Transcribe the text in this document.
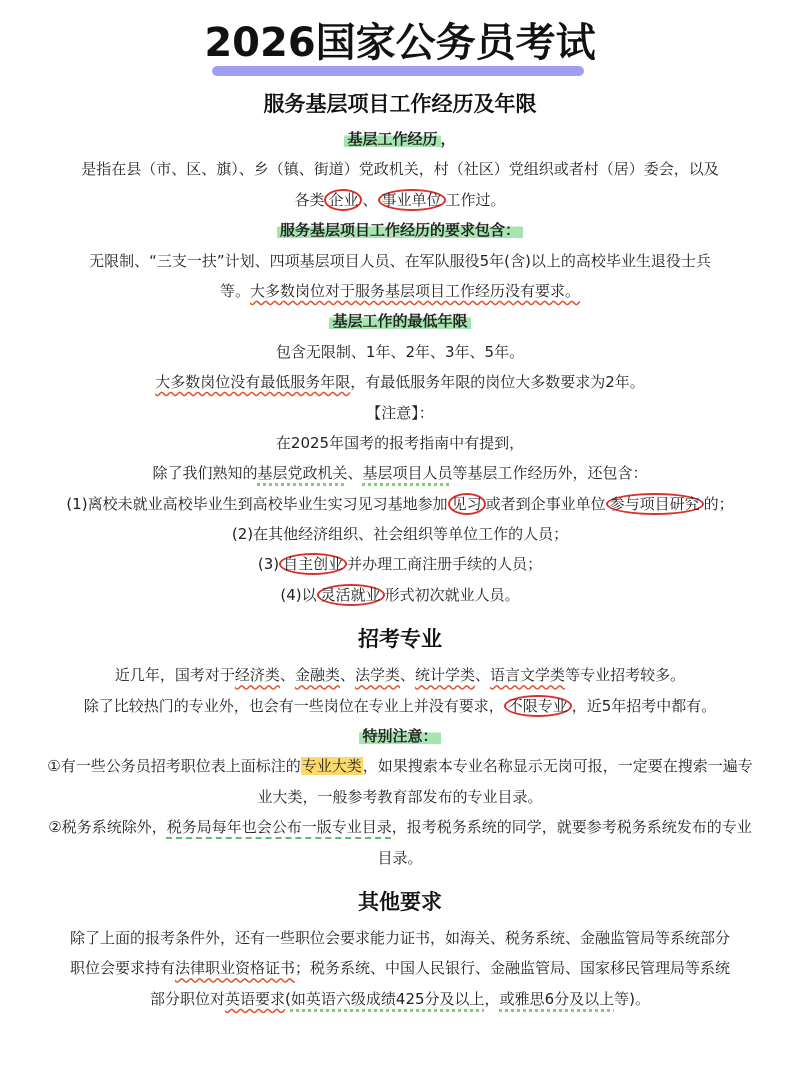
2026国家公务员考试
服务基层项目工作经历及年限
基层工作经历 ，
是指在县（市、区、旗）、乡（镇、街道）党政机关，村（社区）党组织或者村（居）委会，以及
各类 企业 、 事业单位 工作过。
服务基层项目工作经历的要求包含：
无限制、“三支一扶”计划、四项基层项目人员、在军队服役5年(含)以上的高校毕业生退役士兵
等。大多数岗位对于服务基层项目工作经历没有要求。
基层工作的最低年限
包含无限制、1年、2年、3年、5年。
大多数岗位没有最低服务年限，有最低服务年限的岗位大多数要求为2年。
【注意】：
在2025年国考的报考指南中有提到，
除了我们熟知的基层党政机关、基层项目人员等基层工作经历外，还包含：
(1)离校未就业高校毕业生到高校毕业生实习见习基地参加 见习 或者到企事业单位 参与项目研究 的；
(2)在其他经济组织、社会组织等单位工作的人员；
(3) 自主创业 并办理工商注册手续的人员；
(4)以 灵活就业 形式初次就业人员。
招考专业
近几年，国考对于经济类、金融类、法学类、统计学类、语言文学类等专业招考较多。
除了比较热门的专业外，也会有一些岗位在专业上并没有要求， 不限专业 ，近5年招考中都有。
特别注意：
①有一些公务员招考职位表上面标注的专业大类，如果搜索本专业名称显示无岗可报，一定要在搜索一遍专
业大类，一般参考教育部发布的专业目录。
②税务系统除外，税务局每年也会公布一版专业目录，报考税务系统的同学，就要参考税务系统发布的专业
目录。
其他要求
除了上面的报考条件外，还有一些职位会要求能力证书，如海关、税务系统、金融监管局等系统部分
职位会要求持有法律职业资格证书；税务系统、中国人民银行、金融监管局、国家移民管理局等系统
部分职位对英语要求(如英语六级成绩425分及以上，或雅思6分及以上等)。
